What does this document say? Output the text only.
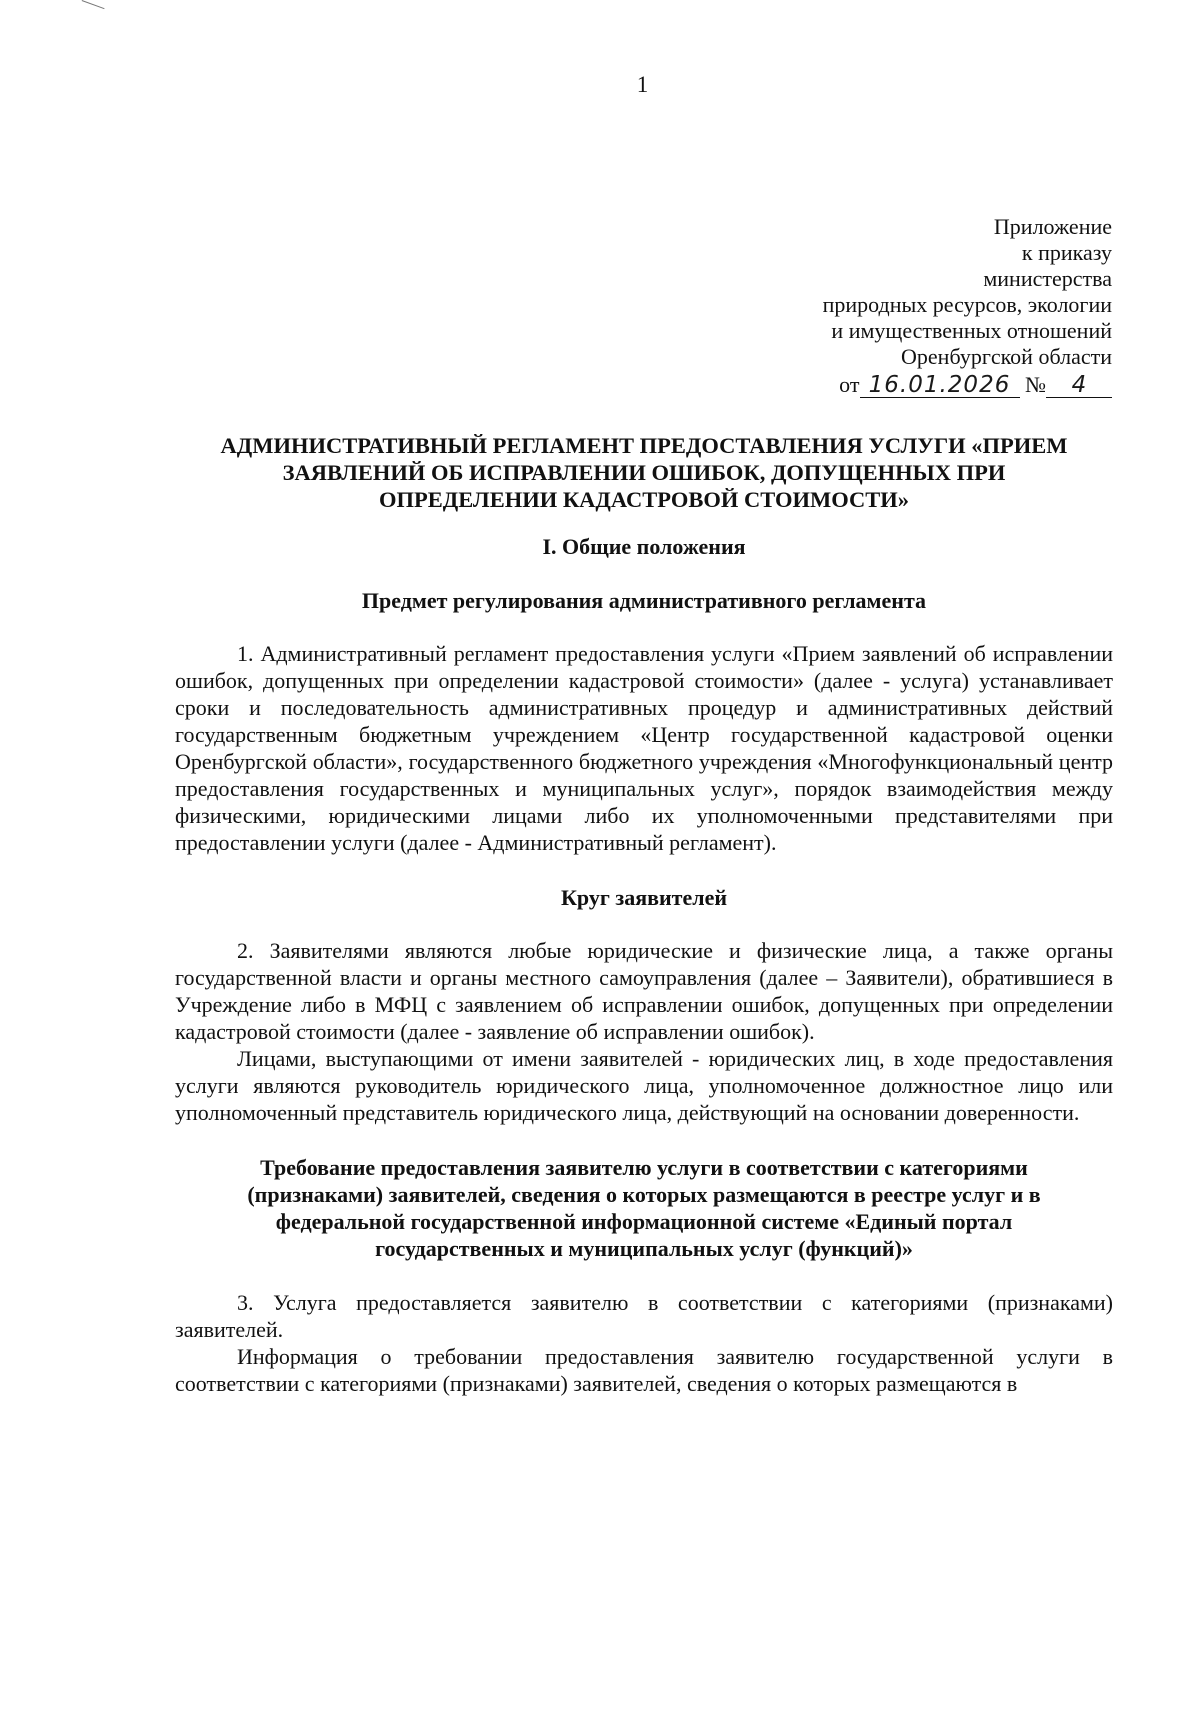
1
Приложение
к приказу
министерства
природных ресурсов, экологии
и имущественных отношений
Оренбургской области
от 16.01.2026 № 4
АДМИНИСТРАТИВНЫЙ РЕГЛАМЕНТ ПРЕДОСТАВЛЕНИЯ УСЛУГИ «ПРИЕМ
ЗАЯВЛЕНИЙ ОБ ИСПРАВЛЕНИИ ОШИБОК, ДОПУЩЕННЫХ ПРИ
ОПРЕДЕЛЕНИИ КАДАСТРОВОЙ СТОИМОСТИ»
I. Общие положения
Предмет регулирования административного регламента

1. Административный регламент предоставления услуги «Прием заявлений об исправлении ошибок, допущенных при определении кадастровой стоимости» (далее - услуга) устанавливает сроки и последовательность административных процедур и административных действий государственным бюджетным учреждением «Центр государственной кадастровой оценки Оренбургской области», государственного бюджетного учреждения «Многофункциональный центр предоставления государственных и муниципальных услуг», порядок взаимодействия между физическими, юридическими лицами либо их уполномоченными представителями при предоставлении услуги (далее - Административный регламент).

Круг заявителей

2. Заявителями являются любые юридические и физические лица, а также органы государственной власти и органы местного самоуправления (далее – Заявители), обратившиеся в Учреждение либо в МФЦ с заявлением об исправлении ошибок, допущенных при определении кадастровой стоимости (далее - заявление об исправлении ошибок).

Лицами, выступающими от имени заявителей - юридических лиц, в ходе предоставления услуги являются руководитель юридического лица, уполномоченное должностное лицо или уполномоченный представитель юридического лица, действующий на основании доверенности.

Требование предоставления заявителю услуги в соответствии с категориями
(признаками) заявителей, сведения о которых размещаются в реестре услуг и в
федеральной государственной информационной системе «Единый портал
государственных и муниципальных услуг (функций)»

3. Услуга предоставляется заявителю в соответствии с категориями (признаками) заявителей.

Информация о требовании предоставления заявителю государственной услуги в соответствии с категориями (признаками) заявителей, сведения о которых размещаются в
